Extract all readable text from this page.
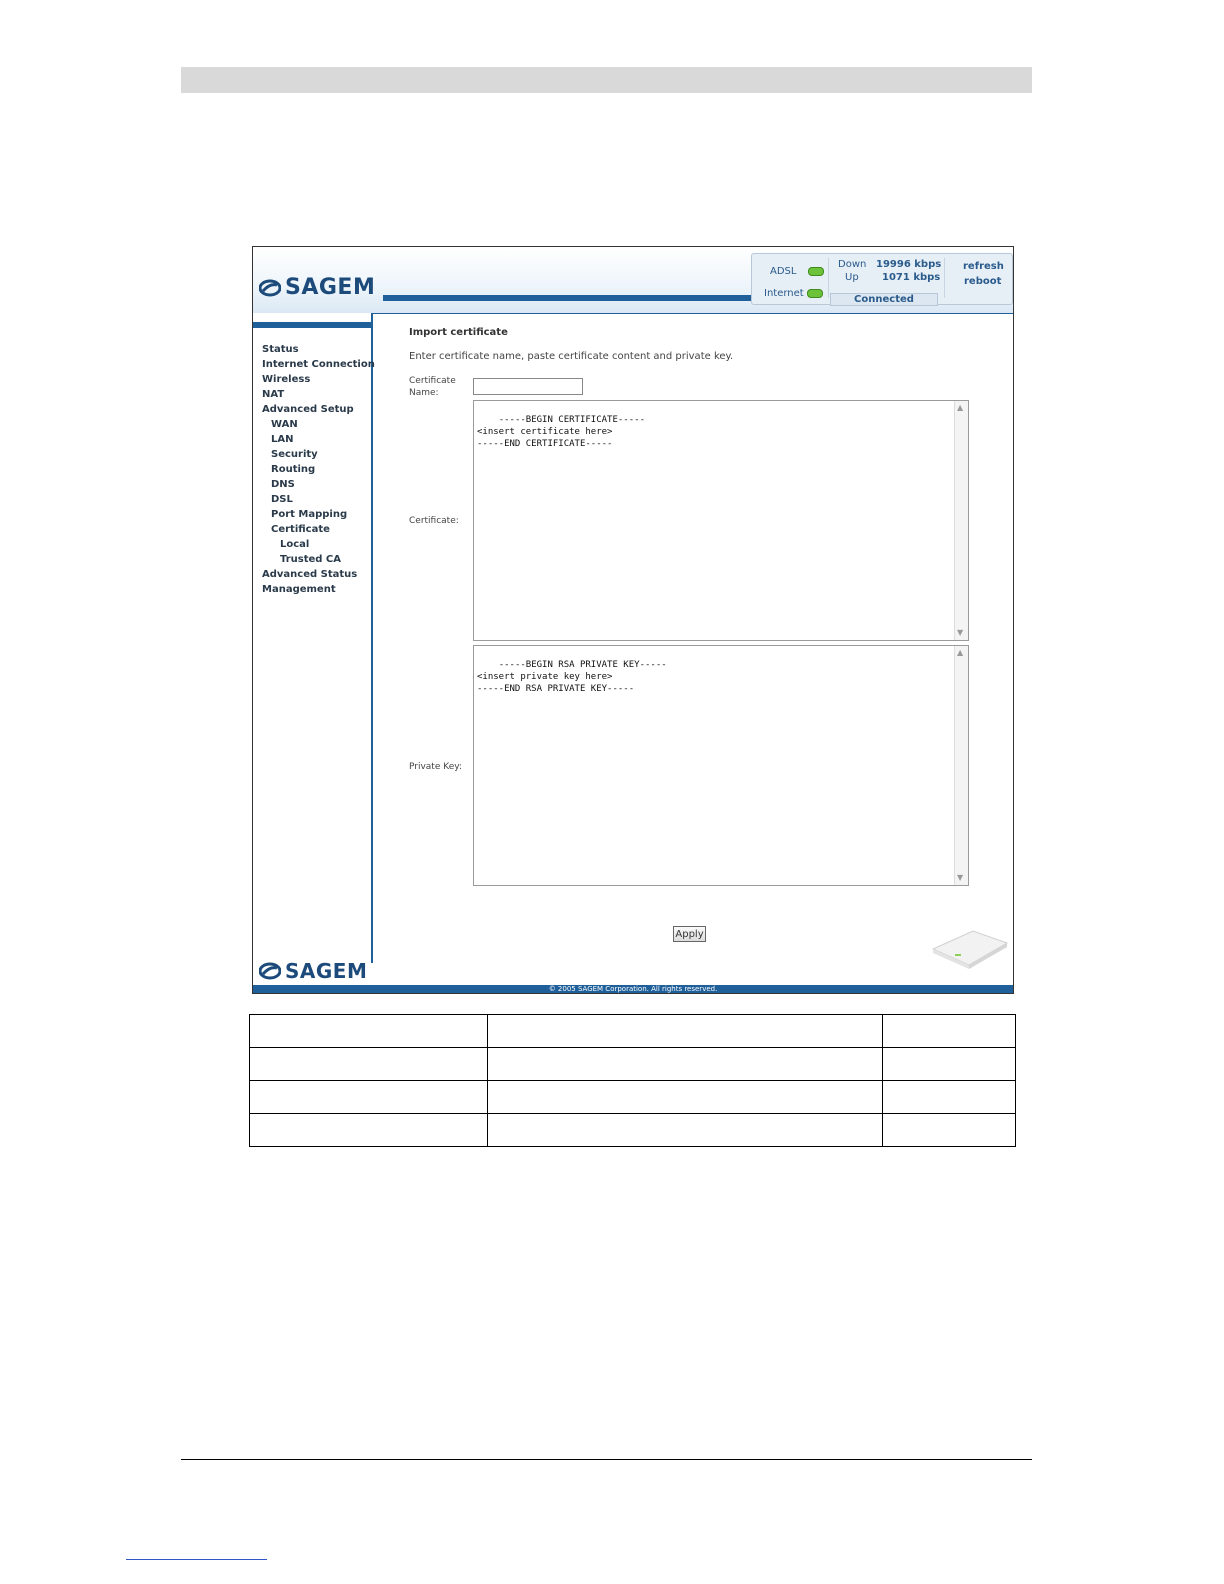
SAGEM
ADSL
Internet
Down 19996 kbps
Up 1071 kbps
Connected
refresh
reboot
Status
Internet Connection
Wireless
NAT
Advanced Setup
WAN
LAN
Security
Routing
DNS
DSL
Port Mapping
Certificate
Local
Trusted CA
Advanced Status
Management
Import certificate
Enter certificate name, paste certificate content and private key.
Certificate
Name:
Certificate:

-----BEGIN CERTIFICATE-----
<insert certificate here>
-----END CERTIFICATE-----

▲

▼

Private Key:

-----BEGIN RSA PRIVATE KEY-----
<insert private key here>
-----END RSA PRIVATE KEY-----

▲

▼

Apply
SAGEM
© 2005 SAGEM Corporation. All rights reserved.
